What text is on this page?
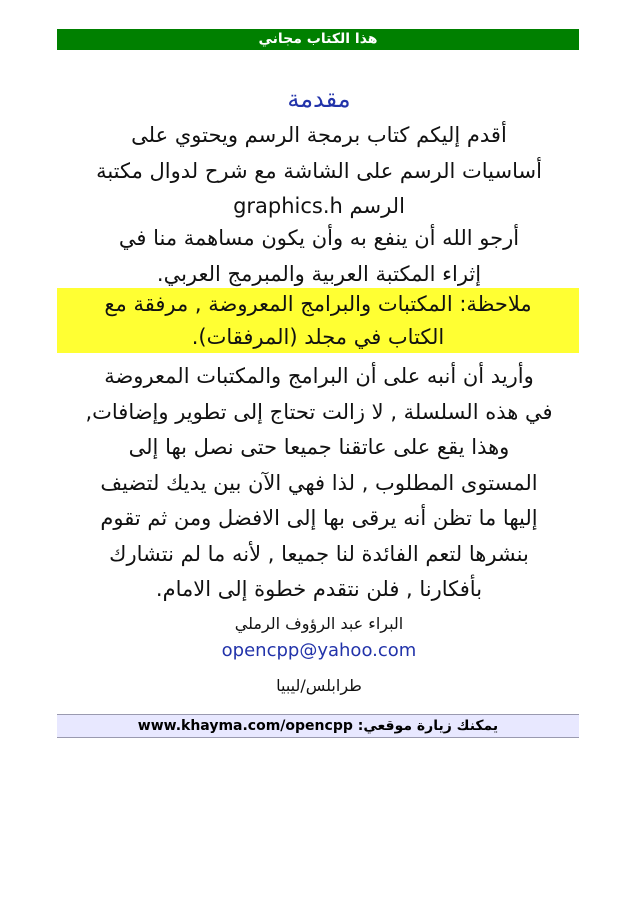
هذا الكتاب مجاني
مقدمة
أقدم إليكم كتاب برمجة الرسم ويحتوي على
أساسيات الرسم على الشاشة مع شرح لدوال مكتبة
الرسم graphics.h
أرجو الله أن ينفع به وأن يكون مساهمة منا في
إثراء المكتبة العربية والمبرمج العربي.
ملاحظة: المكتبات والبرامج المعروضة , مرفقة مع
الكتاب في مجلد (المرفقات).
وأريد أن أنبه على أن البرامج والمكتبات المعروضة
في هذه السلسلة , لا زالت تحتاج إلى تطوير وإضافات,
وهذا يقع على عاتقنا جميعا حتى نصل بها إلى
المستوى المطلوب , لذا فهي الآن بين يديك لتضيف
إليها ما تظن أنه يرقى بها إلى الافضل ومن ثم تقوم
بنشرها لتعم الفائدة لنا جميعا , لأنه ما لم نتشارك
بأفكارنا , فلن نتقدم خطوة إلى الامام.
البراء عبد الرؤوف الرملي
opencpp@yahoo.com
طرابلس/ليبيا
يمكنك زيارة موقعي: www.khayma.com/opencpp
